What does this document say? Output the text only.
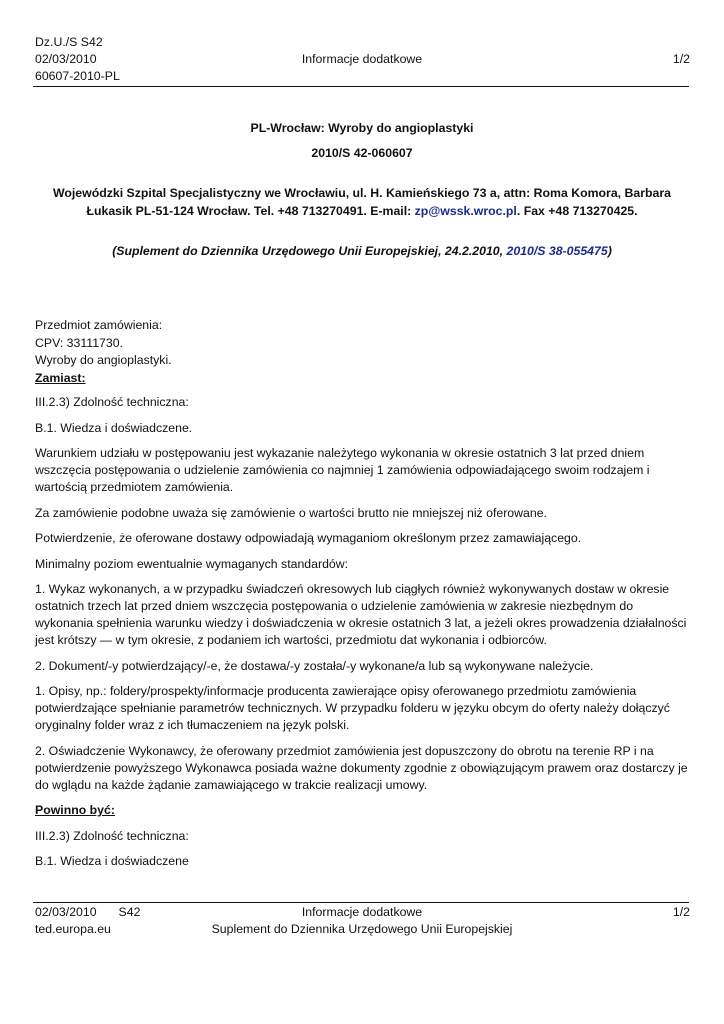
Dz.U./S S42
02/03/2010
60607-2010-PL
Informacje dodatkowe	1/2
PL-Wrocław: Wyroby do angioplastyki
2010/S 42-060607
Wojewódzki Szpital Specjalistyczny we Wrocławiu, ul. H. Kamieńskiego 73 a, attn: Roma Komora, Barbara Łukasik PL-51-124 Wrocław. Tel. +48 713270491. E-mail: zp@wssk.wroc.pl. Fax +48 713270425.
(Suplement do Dziennika Urzędowego Unii Europejskiej, 24.2.2010, 2010/S 38-055475)
Przedmiot zamówienia:
CPV: 33111730.
Wyroby do angioplastyki.
Zamiast:

III.2.3) Zdolność techniczna:

B.1. Wiedza i doświadczene.

Warunkiem udziału w postępowaniu jest wykazanie należytego wykonania w okresie ostatnich 3 lat przed dniem wszczęcia postępowania o udzielenie zamówienia co najmniej 1 zamówienia odpowiadającego swoim rodzajem i wartością przedmiotem zamówienia.

Za zamówienie podobne uważa się zamówienie o wartości brutto nie mniejszej niż oferowane.

Potwierdzenie, że oferowane dostawy odpowiadają wymaganiom określonym przez zamawiającego.

Minimalny poziom ewentualnie wymaganych standardów:

1. Wykaz wykonanych, a w przypadku świadczeń okresowych lub ciągłych również wykonywanych dostaw w okresie ostatnich trzech lat przed dniem wszczęcia postępowania o udzielenie zamówienia w zakresie niezbędnym do wykonania spełnienia warunku wiedzy i doświadczenia w okresie ostatnich 3 lat, a jeżeli okres prowadzenia działalności jest krótszy — w tym okresie, z podaniem ich wartości, przedmiotu dat wykonania i odbiorców.

2. Dokument/-y potwierdzający/-e, że dostawa/-y została/-y wykonane/a lub są wykonywane należycie.

1. Opisy, np.: foldery/prospekty/informacje producenta zawierające opisy oferowanego przedmiotu zamówienia potwierdzające spełnianie parametrów technicznych. W przypadku folderu w języku obcym do oferty należy dołączyć oryginalny folder wraz z ich tłumaczeniem na język polski.

2. Oświadczenie Wykonawcy, że oferowany przedmiot zamówienia jest dopuszczony do obrotu na terenie RP i na potwierdzenie powyższego Wykonawca posiada ważne dokumenty zgodnie z obowiązującym prawem oraz dostarczy je do wglądu na każde żądanie zamawiającego w trakcie realizacji umowy.

Powinno być:

III.2.3) Zdolność techniczna:

B.1. Wiedza i doświadczene

02/03/2010 S42
ted.europa.eu
Informacje dodatkowe
Suplement do Dziennika Urzędowego Unii Europejskiej
1/2
